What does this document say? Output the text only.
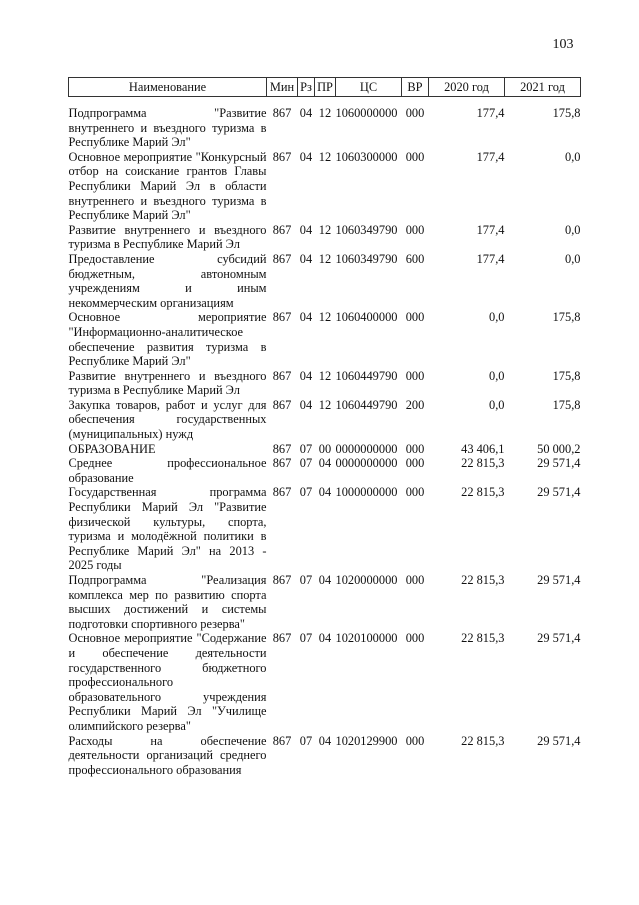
103
Наименование	Мин	Рз	ПР	ЦС	ВР	2020 год	2021 год

Подпрограмма "Развитие внутреннего и въездного туризма в Республике Марий Эл"	867	04	12	1060000000	000	177,4	175,8
Основное мероприятие "Конкурсный отбор на соискание грантов Главы Республики Марий Эл в области внутреннего и въездного туризма в Республике Марий Эл"	867	04	12	1060300000	000	177,4	0,0
Развитие внутреннего и въездного туризма в Республике Марий Эл	867	04	12	1060349790	000	177,4	0,0
Предоставление субсидий бюджетным, автономным учреждениям и иным некоммерческим организациям	867	04	12	1060349790	600	177,4	0,0
Основное мероприятие "Информационно-аналитическое обеспечение развития туризма в Республике Марий Эл"	867	04	12	1060400000	000	0,0	175,8
Развитие внутреннего и въездного туризма в Республике Марий Эл	867	04	12	1060449790	000	0,0	175,8
Закупка товаров, работ и услуг для обеспечения государственных (муниципальных) нужд	867	04	12	1060449790	200	0,0	175,8
ОБРАЗОВАНИЕ	867	07	00	0000000000	000	43 406,1	50 000,2
Среднее профессиональное образование	867	07	04	0000000000	000	22 815,3	29 571,4
Государственная программа Республики Марий Эл "Развитие физической культуры, спорта, туризма и молодёжной политики в Республике Марий Эл" на 2013 - 2025 годы	867	07	04	1000000000	000	22 815,3	29 571,4
Подпрограмма "Реализация комплекса мер по развитию спорта высших достижений и системы подготовки спортивного резерва"	867	07	04	1020000000	000	22 815,3	29 571,4
Основное мероприятие "Содержание и обеспечение деятельности государственного бюджетного профессионального образовательного учреждения Республики Марий Эл "Училище олимпийского резерва"	867	07	04	1020100000	000	22 815,3	29 571,4
Расходы на обеспечение деятельности организаций среднего профессионального образования	867	07	04	1020129900	000	22 815,3	29 571,4
